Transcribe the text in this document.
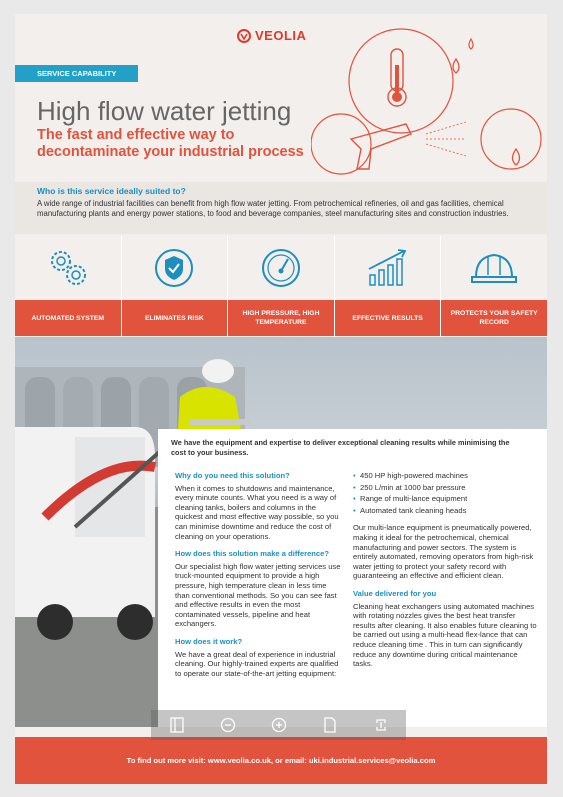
VEOLIA
SERVICE CAPABILITY
High flow water jetting
The fast and effective way to decontaminate your industrial process
Who is this service ideally suited to?
A wide range of industrial facilities can benefit from high flow water jetting. From petrochemical refineries, oil and gas facilities, chemical manufacturing plants and energy power stations, to food and beverage companies, steel manufacturing sites and construction industries.
AUTOMATED SYSTEM	ELIMINATES RISK
HIGH PRESSURE, HIGH TEMPERATURE
EFFECTIVE RESULTS
PROTECTS YOUR SAFETY RECORD
We have the equipment and expertise to deliver exceptional cleaning results while minimising the cost to your business.
Why do you need this solution?
When it comes to shutdowns and maintenance, every minute counts. What you need is a way of cleaning tanks, boilers and columns in the quickest and most effective way possible, so you can minimise downtime and reduce the cost of cleaning on your operations.
How does this solution make a difference?
Our specialist high flow water jetting services use truck-mounted equipment to provide a high pressure, high temperature clean in less time than conventional methods. So you can see fast and effective results in even the most contaminated vessels, pipeline and heat exchangers.
How does it work?
We have a great deal of experience in industrial cleaning. Our highly-trained experts are qualified to operate our state-of-the-art jetting equipment:
• 450 HP high-powered machines
• 250 L/min at 1000 bar pressure
• Range of multi-lance equipment
• Automated tank cleaning heads
Our multi-lance equipment is pneumatically powered, making it ideal for the petrochemical, chemical manufacturing and power sectors. The system is entirely automated, removing operators from high-risk water jetting to protect your safety record with guaranteeing an effective and efficient clean.
Value delivered for you
Cleaning heat exchangers using automated machines with rotating nozzles gives the best heat transfer results after cleaning. It also enables future cleaning to be carried out using a multi-head flex-lance that can reduce cleaning time . This in turn can significantly reduce any downtime during critical maintenance tasks.
To find out more visit: www.veolia.co.uk, or email: uki.industrial.services@veolia.com
